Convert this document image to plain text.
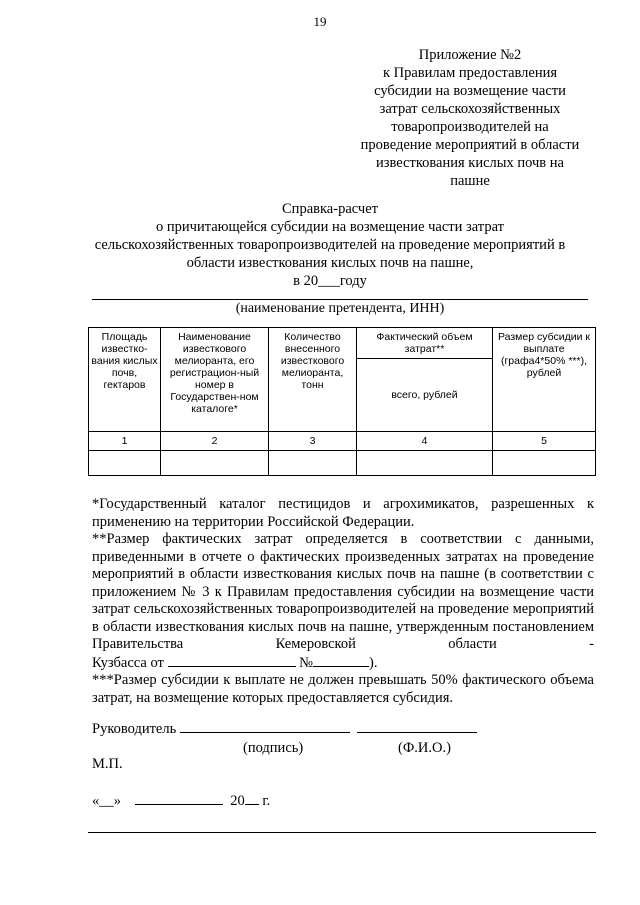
19
Приложение №2
к Правилам предоставления
субсидии на возмещение части
затрат сельскохозяйственных
товаропроизводителей на
проведение мероприятий в области
известкования кислых почв на
пашне
Справка-расчет
о причитающейся субсидии на возмещение части затрат
сельскохозяйственных товаропроизводителей на проведение мероприятий в
области известкования кислых почв на пашне,
в 20___году
(наименование претендента, ИНН)
Площадь известко-вания кислых почв, гектаров	Наименование известкового мелиоранта, его регистрацион-ный номер в Государствен-ном каталоге*	Количество внесенного известкового мелиоранта, тонн	Фактический объем затрат**	Размер субсидии к выплате (графа4*50% ***), рублей
			всего, рублей	
1	2	3	4	5

*Государственный каталог пестицидов и агрохимикатов, разрешенных к применению на территории Российской Федерации.

**Размер фактических затрат определяется в соответствии с данными, приведенными в отчете о фактических произведенных затратах на проведение мероприятий в области известкования кислых почв на пашне (в соответствии с приложением № 3 к Правилам предоставления субсидии на возмещение части затрат сельскохозяйственных товаропроизводителей на проведение мероприятий в области известкования кислых почв на пашне, утвержденным постановлением Правительства Кемеровской области -

Кузбасса от	№	).

***Размер субсидии к выплате не должен превышать 50% фактического объема затрат, на возмещение которых предоставляется субсидия.

Руководитель
(подпись)	(Ф.И.О.)
М.П.
«__»	20 г.
